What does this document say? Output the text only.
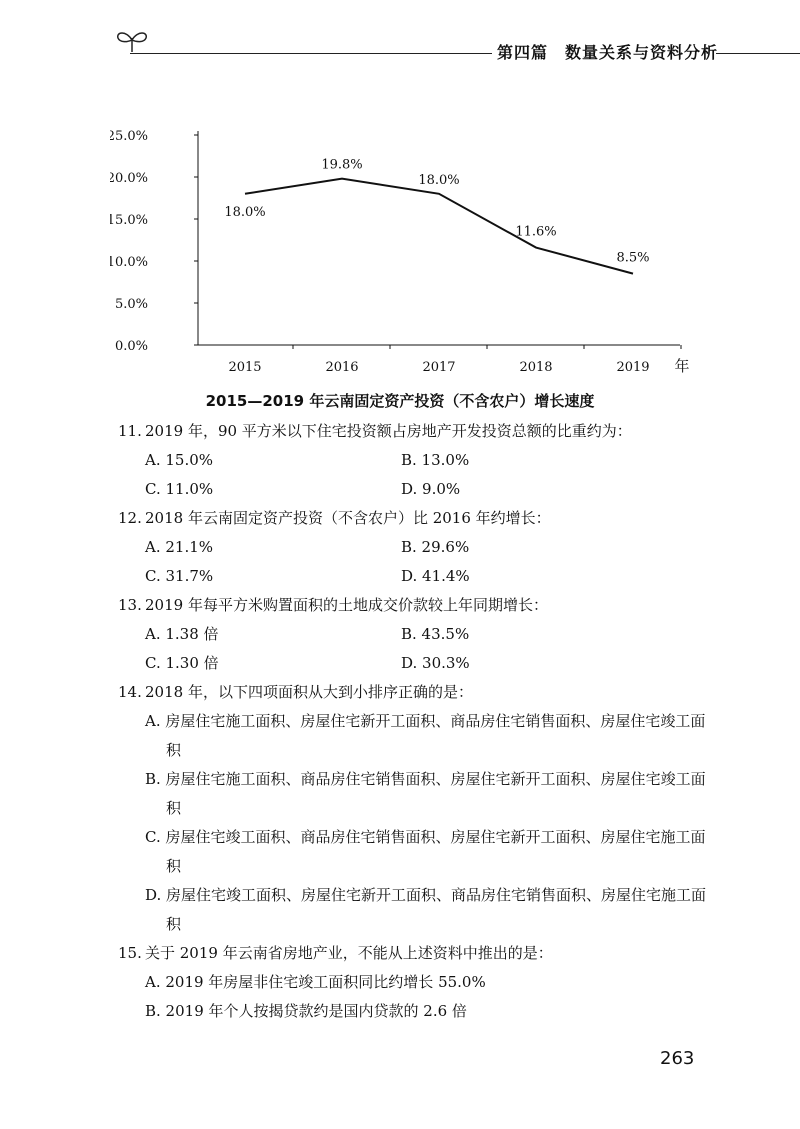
第四篇　数量关系与资料分析
0.0%
5.0%
10.0%
15.0%
20.0%
25.0%
2015	2016	2017	2018	2019 年
18.0%
19.8%
18.0%
11.6%
8.5%
2015—2019 年云南固定资产投资（不含农户）增长速度
11. 2019 年，90 平方米以下住宅投资额占房地产开发投资总额的比重约为：
A. 15.0%	B. 13.0%
C. 11.0%	D. 9.0%
12. 2018 年云南固定资产投资（不含农户）比 2016 年约增长：
A. 21.1%	B. 29.6%
C. 31.7%	D. 41.4%
13. 2019 年每平方米购置面积的土地成交价款较上年同期增长：
A. 1.38 倍	B. 43.5%
C. 1.30 倍	D. 30.3%
14. 2018 年，以下四项面积从大到小排序正确的是：
A. 房屋住宅施工面积、房屋住宅新开工面积、商品房住宅销售面积、房屋住宅竣工面积
B. 房屋住宅施工面积、商品房住宅销售面积、房屋住宅新开工面积、房屋住宅竣工面积
C. 房屋住宅竣工面积、商品房住宅销售面积、房屋住宅新开工面积、房屋住宅施工面积
D. 房屋住宅竣工面积、房屋住宅新开工面积、商品房住宅销售面积、房屋住宅施工面积
15. 关于 2019 年云南省房地产业，不能从上述资料中推出的是：
A. 2019 年房屋非住宅竣工面积同比约增长 55.0%
B. 2019 年个人按揭贷款约是国内贷款的 2.6 倍
263
